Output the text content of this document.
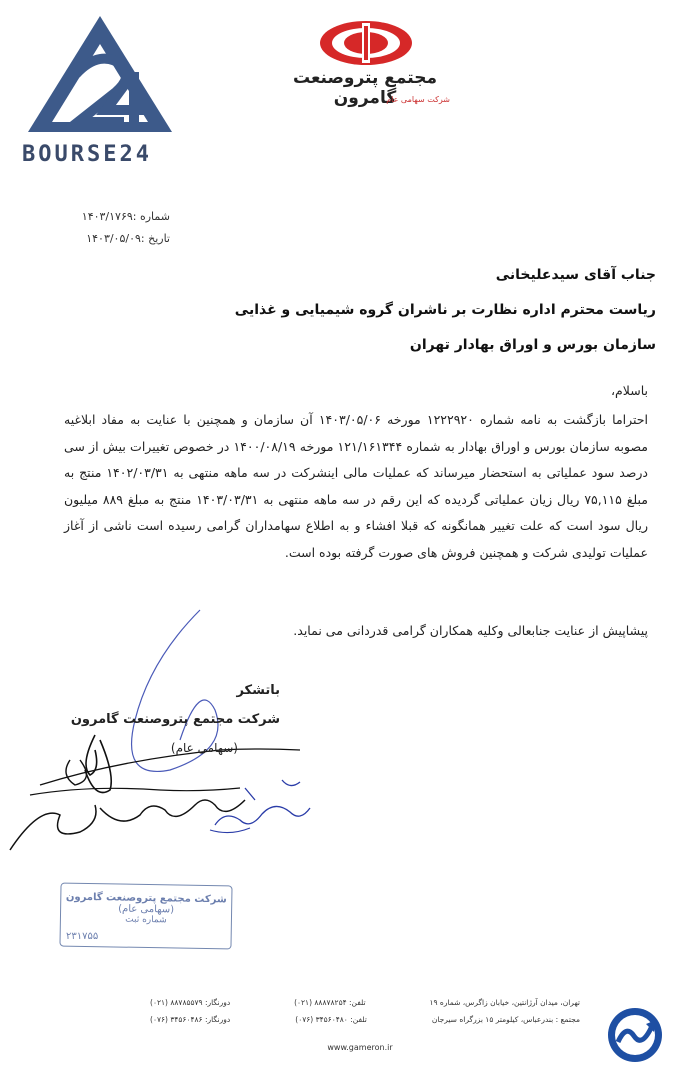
BOURSE24
مجتمع پتروصنعت گامرون
شرکت سهامی عام
شماره :۱۴۰۳/۱۷۶۹
تاریخ :۱۴۰۳/۰۵/۰۹
جناب آقای سیدعلیخانی
ریاست محترم اداره نظارت بر ناشران گروه شیمیایی و غذایی
سازمان بورس و اوراق بهادار تهران
باسلام،
احتراما بازگشت به نامه شماره ۱۲۲۲۹۲۰ مورخه ۱۴۰۳/۰۵/۰۶ آن سازمان و همچنین با عنایت به مفاد ابلاغیه مصوبه سازمان بورس و اوراق بهادار به شماره ۱۲۱/۱۶۱۳۴۴ مورخه ۱۴۰۰/۰۸/۱۹ در خصوص تغییرات بیش از سی درصد سود عملیاتی به استحضار میرساند که عملیات مالی اینشرکت در سه ماهه منتهی به ۱۴۰۲/۰۳/۳۱ منتج به مبلغ ۷۵,۱۱۵ ریال زیان عملیاتی گردیده که این رقم در سه ماهه منتهی به ۱۴۰۳/۰۳/۳۱ منتج به مبلغ ۸۸۹ میلیون ریال سود است که علت تغییر همانگونه که قبلا افشاء و به اطلاع سهامداران گرامی رسیده است ناشی از آغاز عملیات تولیدی شرکت و همچنین فروش های صورت گرفته بوده است.
پیشاپیش از عنایت جنابعالی وکلیه همکاران گرامی قدردانی می نماید.
باتشکر
شرکت مجتمع پتروصنعت گامرون
(سهامی عام)
شرکت مجتمع پتروصنعت گامرون
(سهامی عام)
شماره ثبت
۲۳۱۷۵۵
تهران، میدان آرژانتین، خیابان زاگرس، شماره ۱۹
تلفن: ۸۸۸۷۸۲۵۴ (۰۲۱)
دورنگار: ۸۸۷۸۵۵۷۹ (۰۲۱)
مجتمع : بندرعباس، کیلومتر ۱۵ بزرگراه سیرجان
تلفن: ۳۴۵۶۰۴۸۰ (۰۷۶)
دورنگار: ۳۴۵۶۰۴۸۶ (۰۷۶)
www.gameron.ir
